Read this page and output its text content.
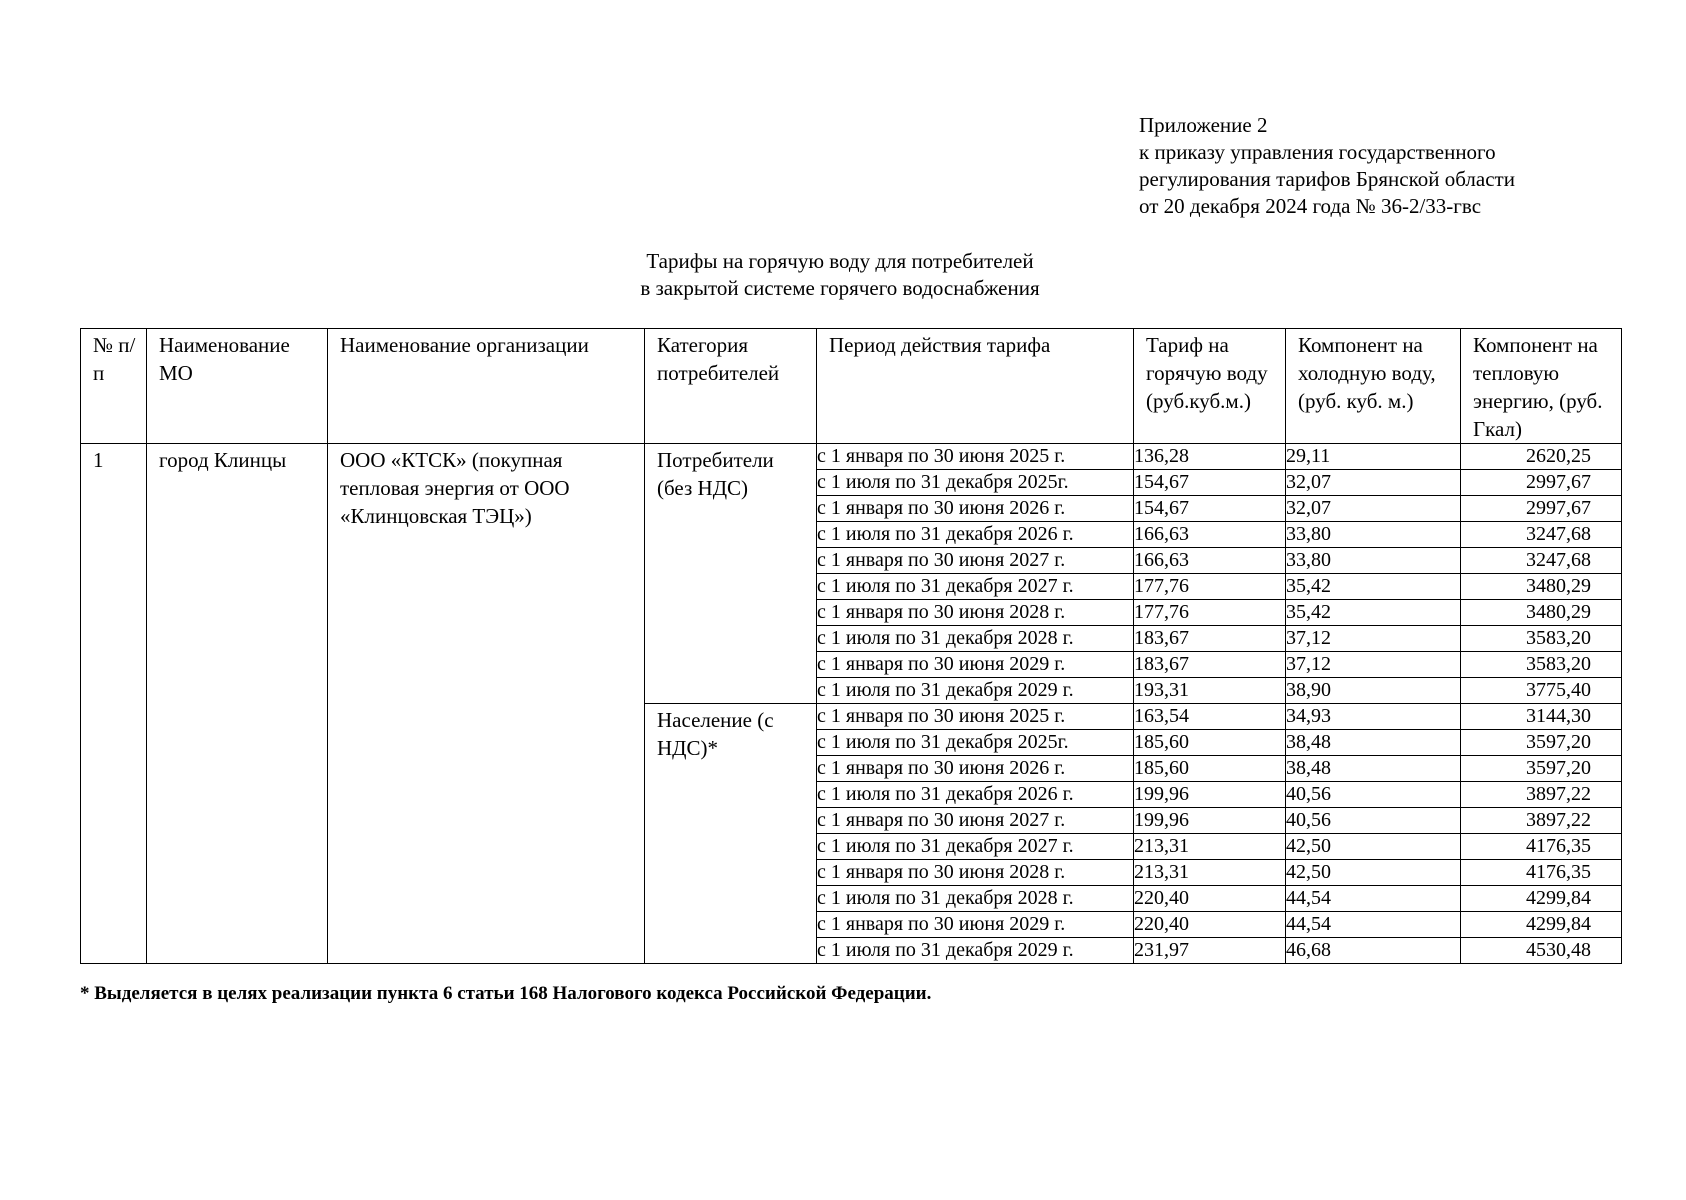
Приложение 2
к приказу управления государственного
регулирования тарифов Брянской области
от 20 декабря 2024 года № 36-2/33-гвс
Тарифы на горячую воду для потребителей
в закрытой системе горячего водоснабжения
№ п/п	Наименование МО	Наименование организации	Категория потребителей	Период действия тарифа	Тариф на горячую воду (руб.куб.м.)	Компонент на холодную воду, (руб. куб. м.)	Компонент на тепловую энергию, (руб. Гкал)

1	город Клинцы	ООО «КТСК» (покупная тепловая энергия от ООО «Клинцовская ТЭЦ»)	Потребители (без НДС)	с 1 января по 30 июня 2025 г.	136,28	29,11	2620,25
				с 1 июля по 31 декабря 2025г.	154,67	32,07	2997,67
				с 1 января по 30 июня 2026 г.	154,67	32,07	2997,67
				с 1 июля по 31 декабря 2026 г.	166,63	33,80	3247,68
				с 1 января по 30 июня 2027 г.	166,63	33,80	3247,68
				с 1 июля по 31 декабря 2027 г.	177,76	35,42	3480,29
				с 1 января по 30 июня 2028 г.	177,76	35,42	3480,29
				с 1 июля по 31 декабря 2028 г.	183,67	37,12	3583,20
				с 1 января по 30 июня 2029 г.	183,67	37,12	3583,20
				с 1 июля по 31 декабря 2029 г.	193,31	38,90	3775,40

			Население (с НДС)*	с 1 января по 30 июня 2025 г.	163,54	34,93	3144,30
				с 1 июля по 31 декабря 2025г.	185,60	38,48	3597,20
				с 1 января по 30 июня 2026 г.	185,60	38,48	3597,20
				с 1 июля по 31 декабря 2026 г.	199,96	40,56	3897,22
				с 1 января по 30 июня 2027 г.	199,96	40,56	3897,22
				с 1 июля по 31 декабря 2027 г.	213,31	42,50	4176,35
				с 1 января по 30 июня 2028 г.	213,31	42,50	4176,35
				с 1 июля по 31 декабря 2028 г.	220,40	44,54	4299,84
				с 1 января по 30 июня 2029 г.	220,40	44,54	4299,84
				с 1 июля по 31 декабря 2029 г.	231,97	46,68	4530,48
* Выделяется в целях реализации пункта 6 статьи 168 Налогового кодекса Российской Федерации.
